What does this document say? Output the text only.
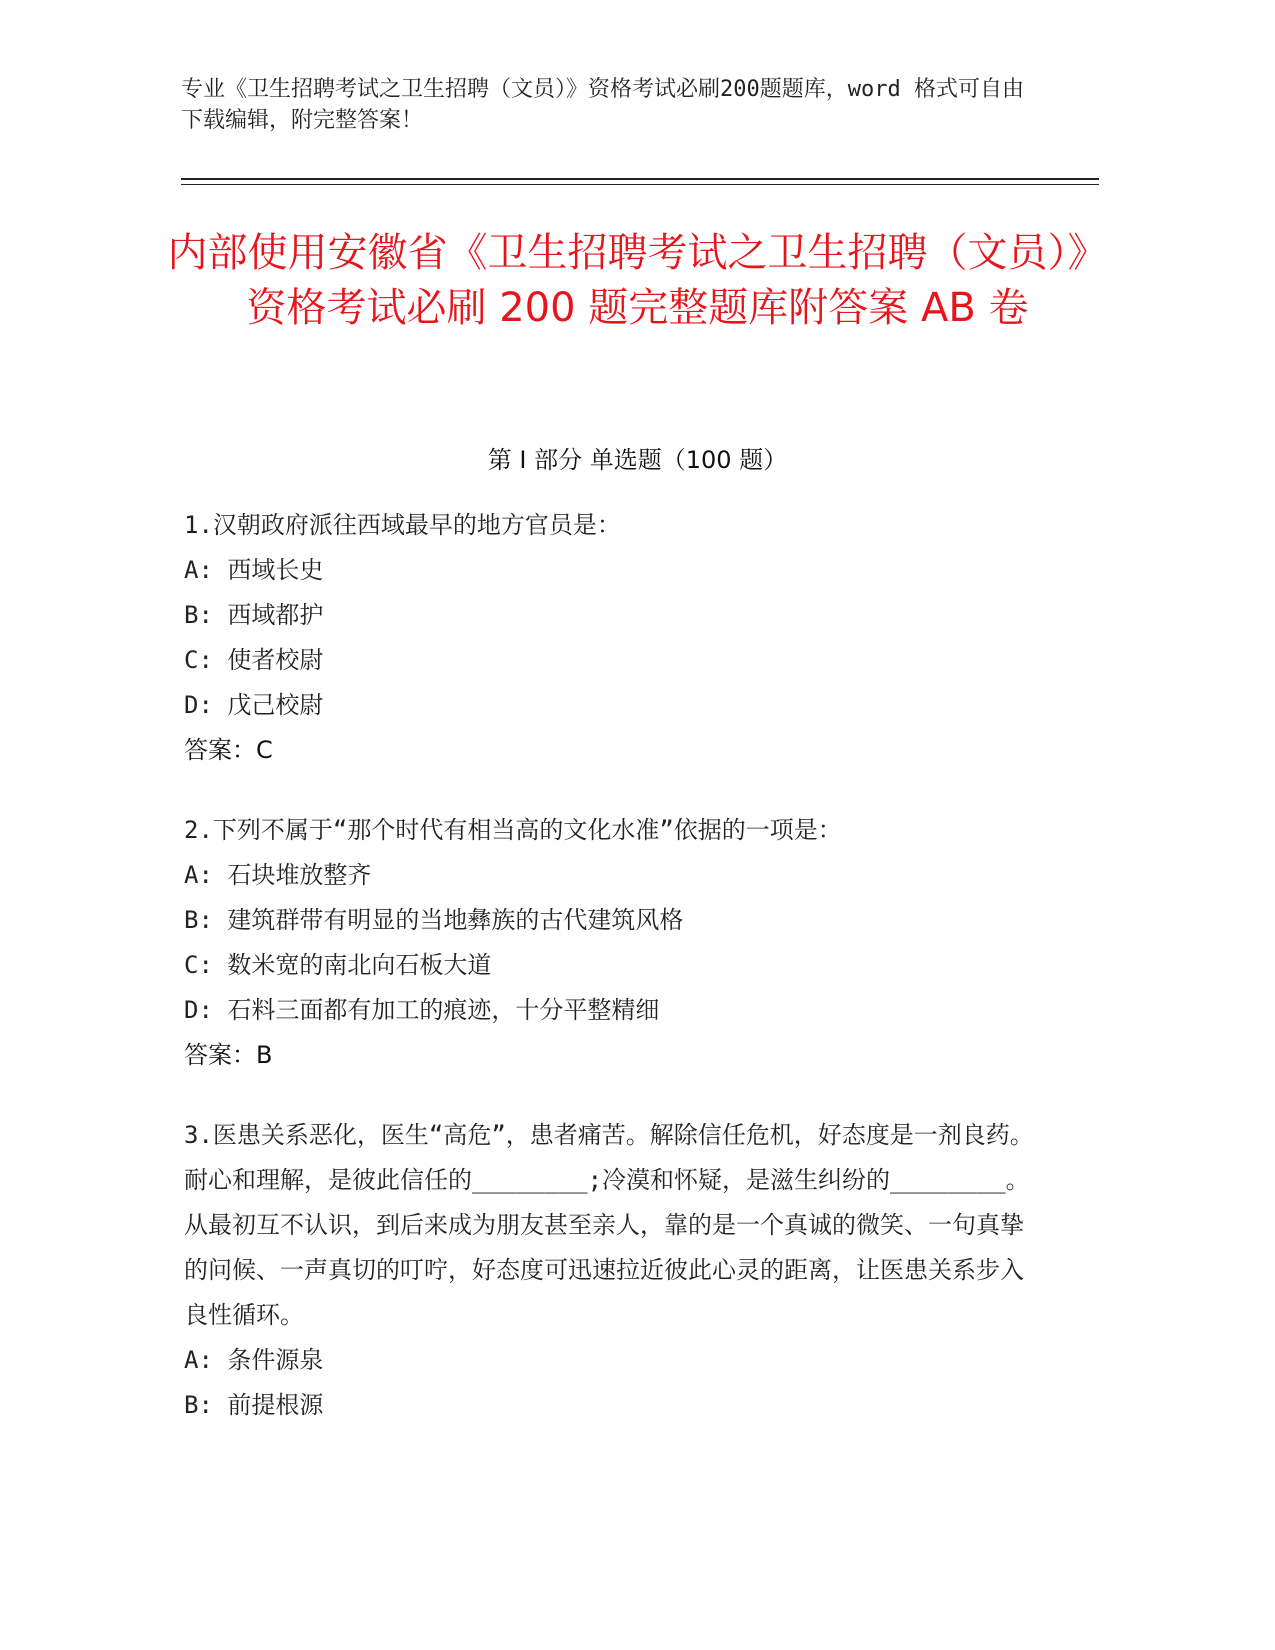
专业《卫生招聘考试之卫生招聘（文员）》资格考试必刷200题题库，word 格式可自由下载编辑，附完整答案！
内部使用安徽省《卫生招聘考试之卫生招聘（文员）》资格考试必刷 200 题完整题库附答案 AB 卷
第 I 部分 单选题（100 题）

1.汉朝政府派往西域最早的地方官员是：

A: 西域长史

B: 西域都护

C: 使者校尉

D: 戊己校尉

答案：C

2.下列不属于“那个时代有相当高的文化水准”依据的一项是：

A: 石块堆放整齐

B: 建筑群带有明显的当地彝族的古代建筑风格

C: 数米宽的南北向石板大道

D: 石料三面都有加工的痕迹，十分平整精细

答案：B

3.医患关系恶化，医生“高危”，患者痛苦。解除信任危机，好态度是一剂良药。耐心和理解，是彼此信任的________;冷漠和怀疑，是滋生纠纷的________。从最初互不认识，到后来成为朋友甚至亲人，靠的是一个真诚的微笑、一句真挚的问候、一声真切的叮咛，好态度可迅速拉近彼此心灵的距离，让医患关系步入良性循环。

A: 条件源泉

B: 前提根源
